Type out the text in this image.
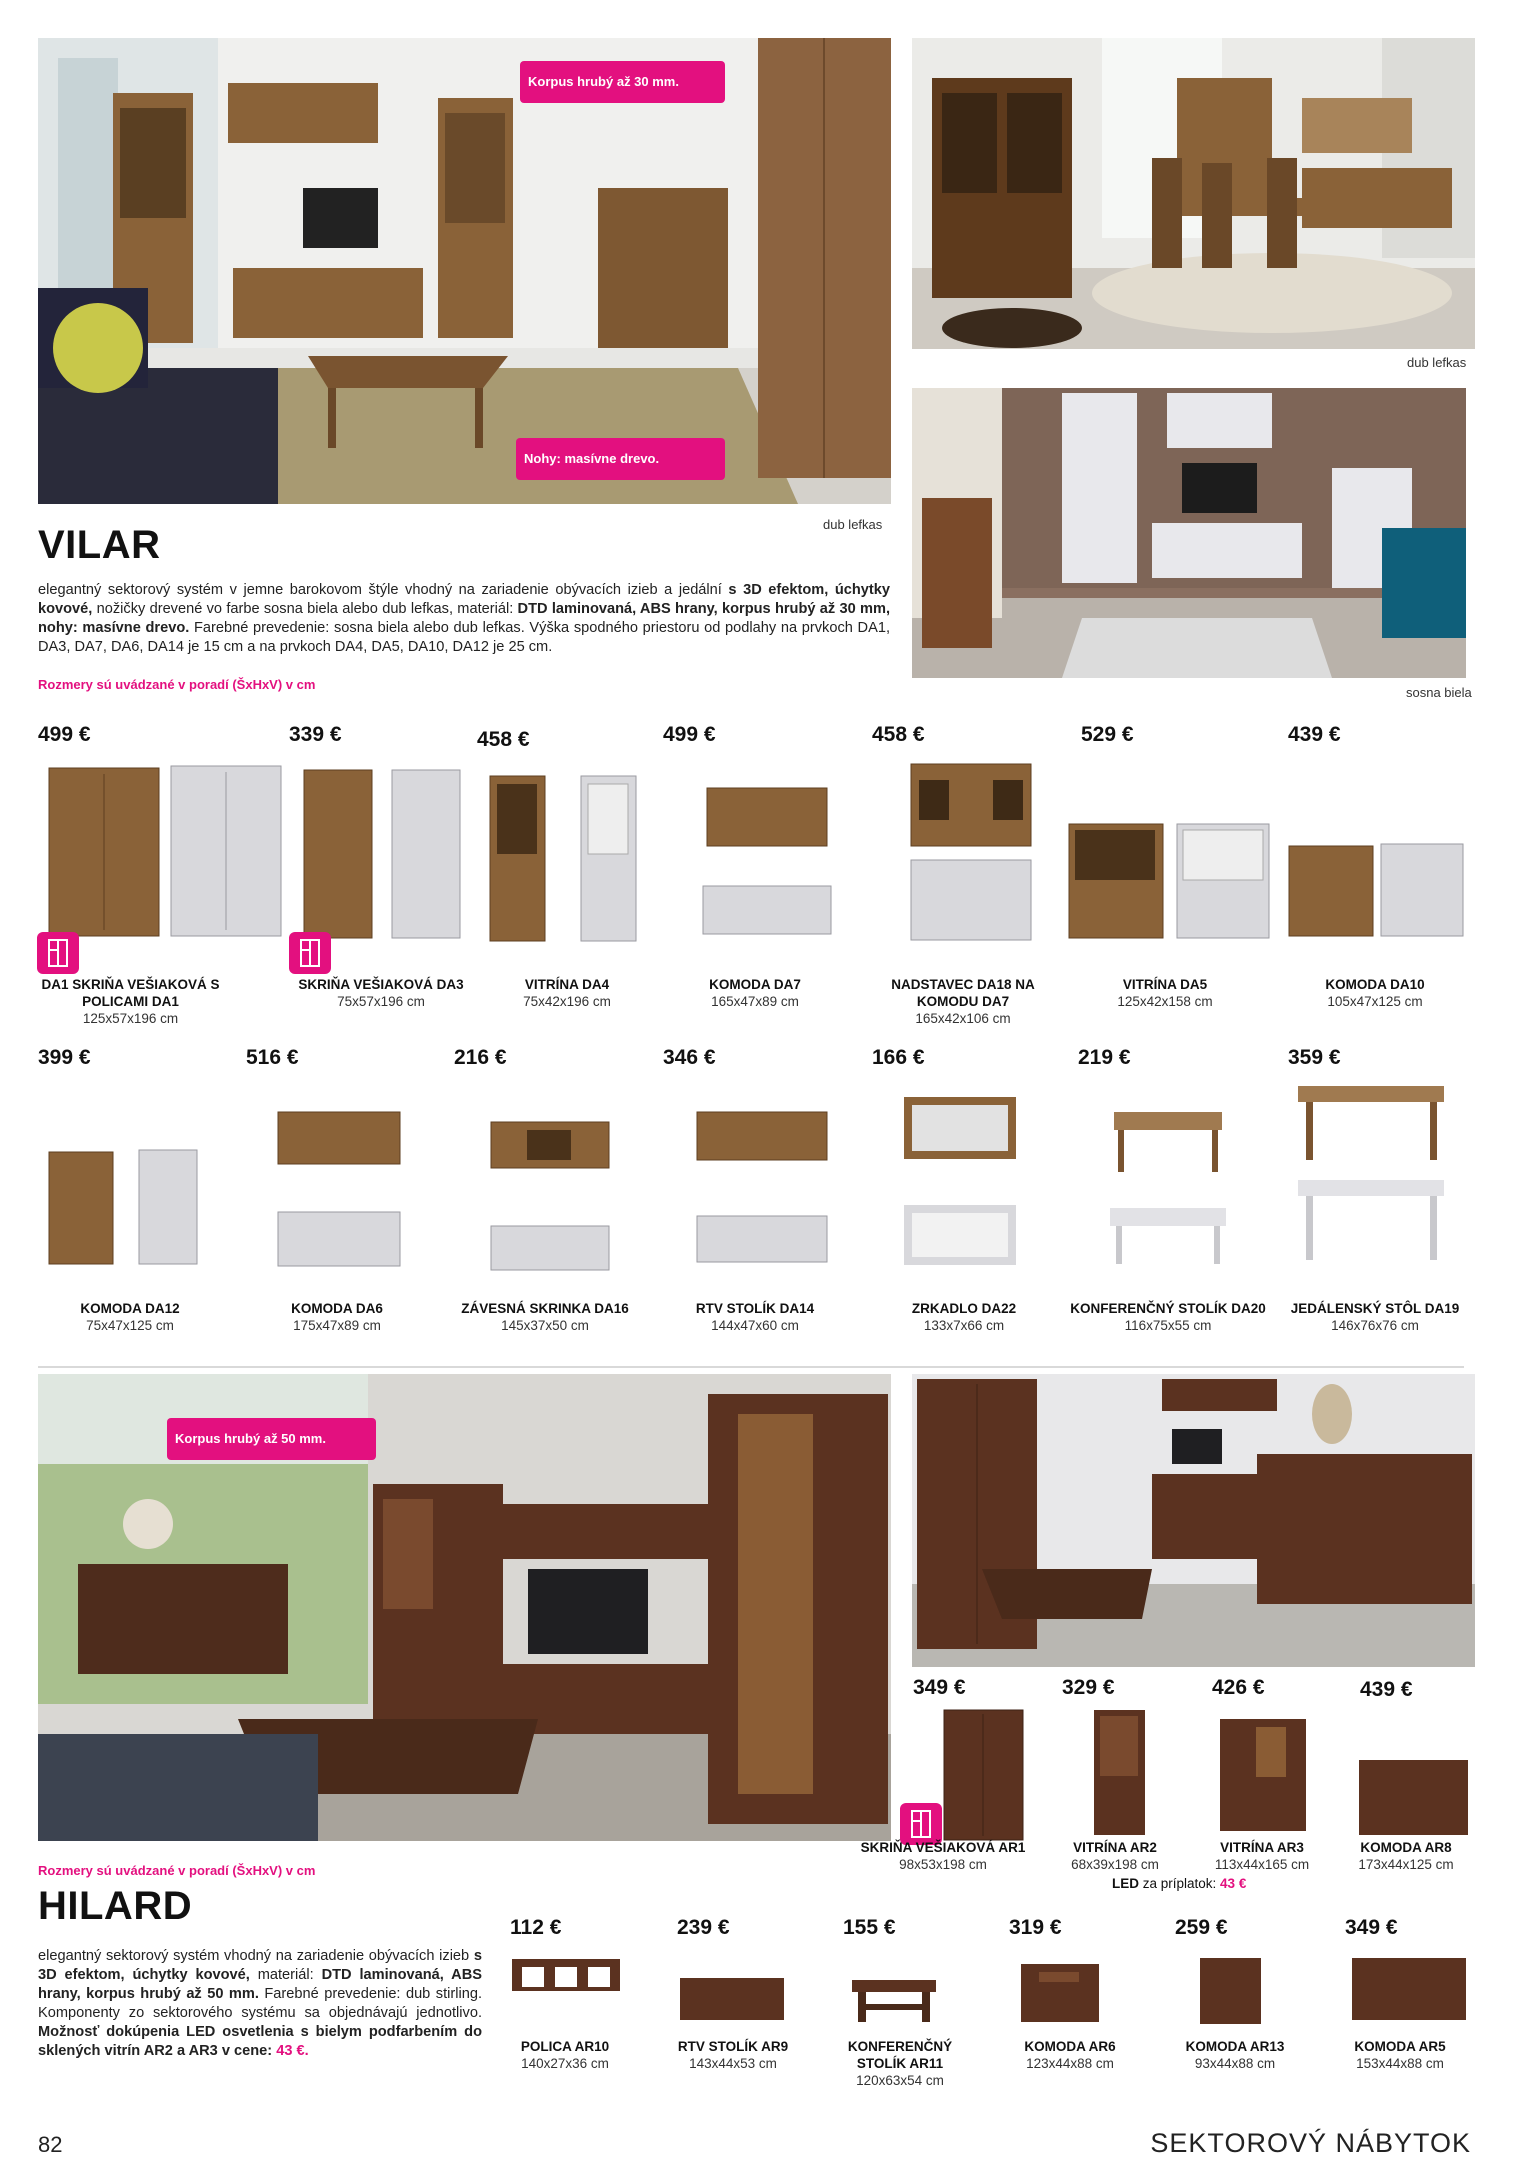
Korpus hrubý až 30 mm.
Nohy: masívne drevo.
dub lefkas
dub lefkas
sosna biela
VILAR
elegantný sektorový systém v jemne barokovom štýle vhodný na zariadenie obývacích izieb a jedální s 3D efektom, úchytky kovové, nožičky drevené vo farbe sosna biela alebo dub lefkas, materiál: DTD laminovaná, ABS hrany, korpus hrubý až 30 mm, nohy: masívne drevo. Farebné prevedenie: sosna biela alebo dub lefkas. Výška spodného priestoru od podlahy na prvkoch DA1, DA3, DA7, DA6, DA14 je 15 cm a na prvkoch DA4, DA5, DA10, DA12 je 25 cm.
Rozmery sú uvádzané v poradí (ŠxHxV) v cm
499 €	339 €	458 €	499 €	458 €	529 €	439 €
DA1 SKRIŇA VEŠIAKOVÁ S POLICAMI DA1
125x57x196 cm
SKRIŇA VEŠIAKOVÁ DA3
75x57x196 cm
VITRÍNA DA4
75x42x196 cm
KOMODA DA7
165x47x89 cm
NADSTAVEC DA18 NA KOMODU DA7
165x42x106 cm
VITRÍNA DA5
125x42x158 cm
KOMODA DA10
105x47x125 cm
399 €	516 €	216 €	346 €	166 €	219 €	359 €
KOMODA DA12
75x47x125 cm
KOMODA DA6
175x47x89 cm
ZÁVESNÁ SKRINKA DA16
145x37x50 cm
RTV STOLÍK DA14
144x47x60 cm
ZRKADLO DA22
133x7x66 cm
KONFERENČNÝ STOLÍK DA20
116x75x55 cm
JEDÁLENSKÝ STÔL DA19
146x76x76 cm
Korpus hrubý až 50 mm.
Rozmery sú uvádzané v poradí (ŠxHxV) v cm
HILARD
elegantný sektorový systém vhodný na zariadenie obývacích izieb s 3D efektom, úchytky kovové, materiál: DTD laminovaná, ABS hrany, korpus hrubý až 50 mm. Farebné prevedenie: dub stirling. Komponenty zo sektorového systému sa objednávajú jednotlivo. Možnosť dokúpenia LED osvetlenia s bielym podfarbením do sklených vitrín AR2 a AR3 v cene: 43 €.
349 €	329 €	426 €	439 €
SKRIŇA VEŠIAKOVÁ AR1
98x53x198 cm
VITRÍNA AR2
68x39x198 cm
VITRÍNA AR3
113x44x165 cm
KOMODA AR8
173x44x125 cm
LED za príplatok: 43 €
112 €	239 €	155 €	319 €	259 €	349 €
POLICA AR10
140x27x36 cm
RTV STOLÍK AR9
143x44x53 cm
KONFERENČNÝ STOLÍK AR11
120x63x54 cm
KOMODA AR6
123x44x88 cm
KOMODA AR13
93x44x88 cm
KOMODA AR5
153x44x88 cm
82	SEKTOROVÝ NÁBYTOK
